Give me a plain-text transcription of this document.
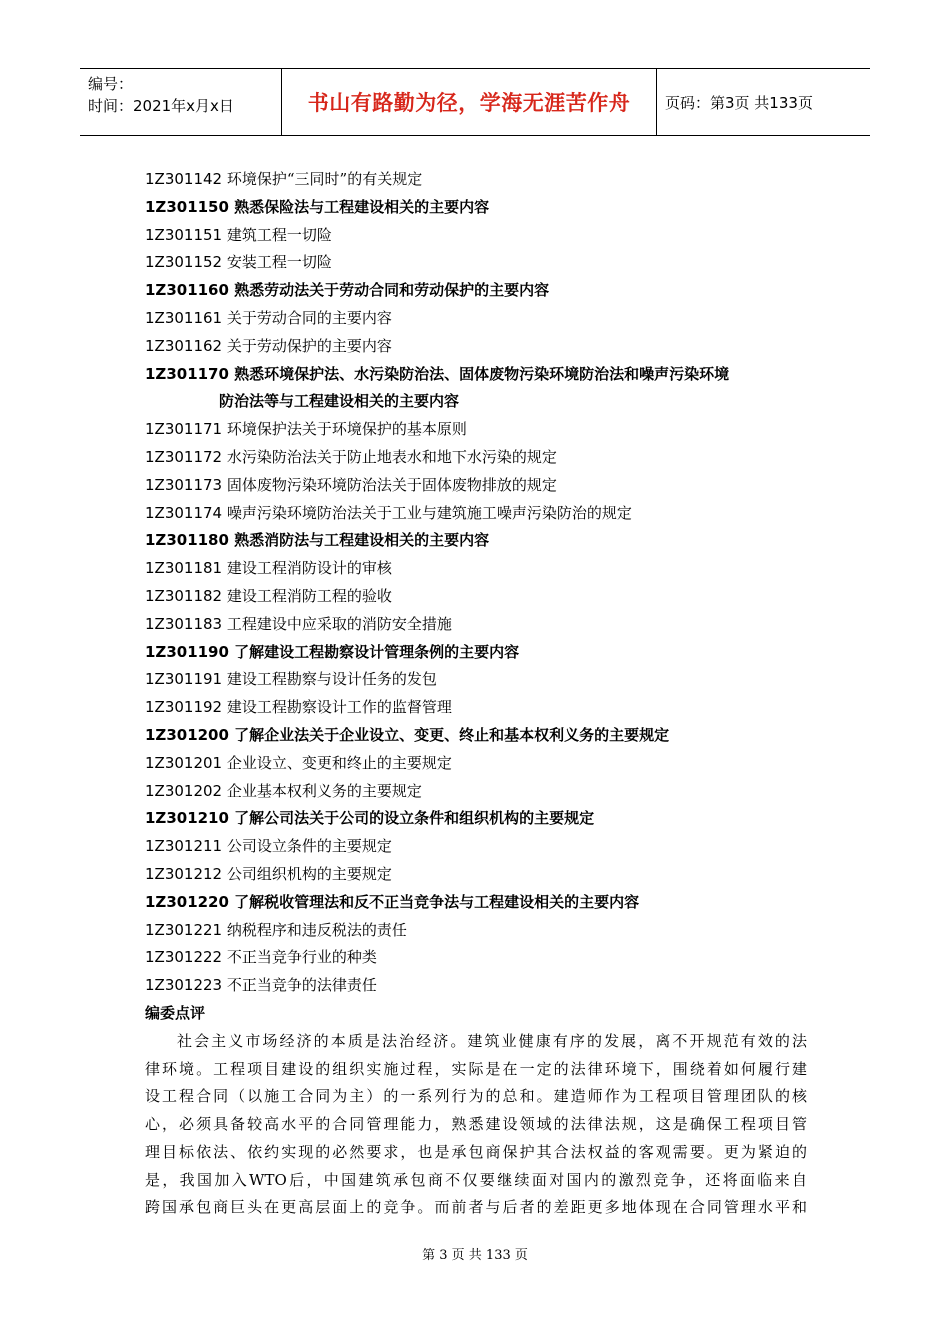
编号：
时间：2021年x月x日	书山有路勤为径，学海无涯苦作舟	页码：第3页 共133页
1Z301142 环境保护“三同时”的有关规定
1Z301150 熟悉保险法与工程建设相关的主要内容
1Z301151 建筑工程一切险
1Z301152 安装工程一切险
1Z301160 熟悉劳动法关于劳动合同和劳动保护的主要内容
1Z301161 关于劳动合同的主要内容
1Z301162 关于劳动保护的主要内容
1Z301170 熟悉环境保护法、水污染防治法、固体废物污染环境防治法和噪声污染环境
防治法等与工程建设相关的主要内容
1Z301171 环境保护法关于环境保护的基本原则
1Z301172 水污染防治法关于防止地表水和地下水污染的规定
1Z301173 固体废物污染环境防治法关于固体废物排放的规定
1Z301174 噪声污染环境防治法关于工业与建筑施工噪声污染防治的规定
1Z301180 熟悉消防法与工程建设相关的主要内容
1Z301181 建设工程消防设计的审核
1Z301182 建设工程消防工程的验收
1Z301183 工程建设中应采取的消防安全措施
1Z301190 了解建设工程勘察设计管理条例的主要内容
1Z301191 建设工程勘察与设计任务的发包
1Z301192 建设工程勘察设计工作的监督管理
1Z301200 了解企业法关于企业设立、变更、终止和基本权利义务的主要规定
1Z301201 企业设立、变更和终止的主要规定
1Z301202 企业基本权利义务的主要规定
1Z301210 了解公司法关于公司的设立条件和组织机构的主要规定
1Z301211 公司设立条件的主要规定
1Z301212 公司组织机构的主要规定
1Z301220 了解税收管理法和反不正当竞争法与工程建设相关的主要内容
1Z301221 纳税程序和违反税法的责任
1Z301222 不正当竞争行业的种类
1Z301223 不正当竞争的法律责任
编委点评
社会主义市场经济的本质是法治经济。建筑业健康有序的发展，离不开规范有效的法
律环境。工程项目建设的组织实施过程，实际是在一定的法律环境下，围绕着如何履行建
设工程合同（以施工合同为主）的一系列行为的总和。建造师作为工程项目管理团队的核
心，必须具备较高水平的合同管理能力，熟悉建设领域的法律法规，这是确保工程项目管
理目标依法、依约实现的必然要求，也是承包商保护其合法权益的客观需要。更为紧迫的
是，我国加入WTO后，中国建筑承包商不仅要继续面对国内的激烈竞争，还将面临来自
跨国承包商巨头在更高层面上的竞争。而前者与后者的差距更多地体现在合同管理水平和
第 3 页 共 133 页
